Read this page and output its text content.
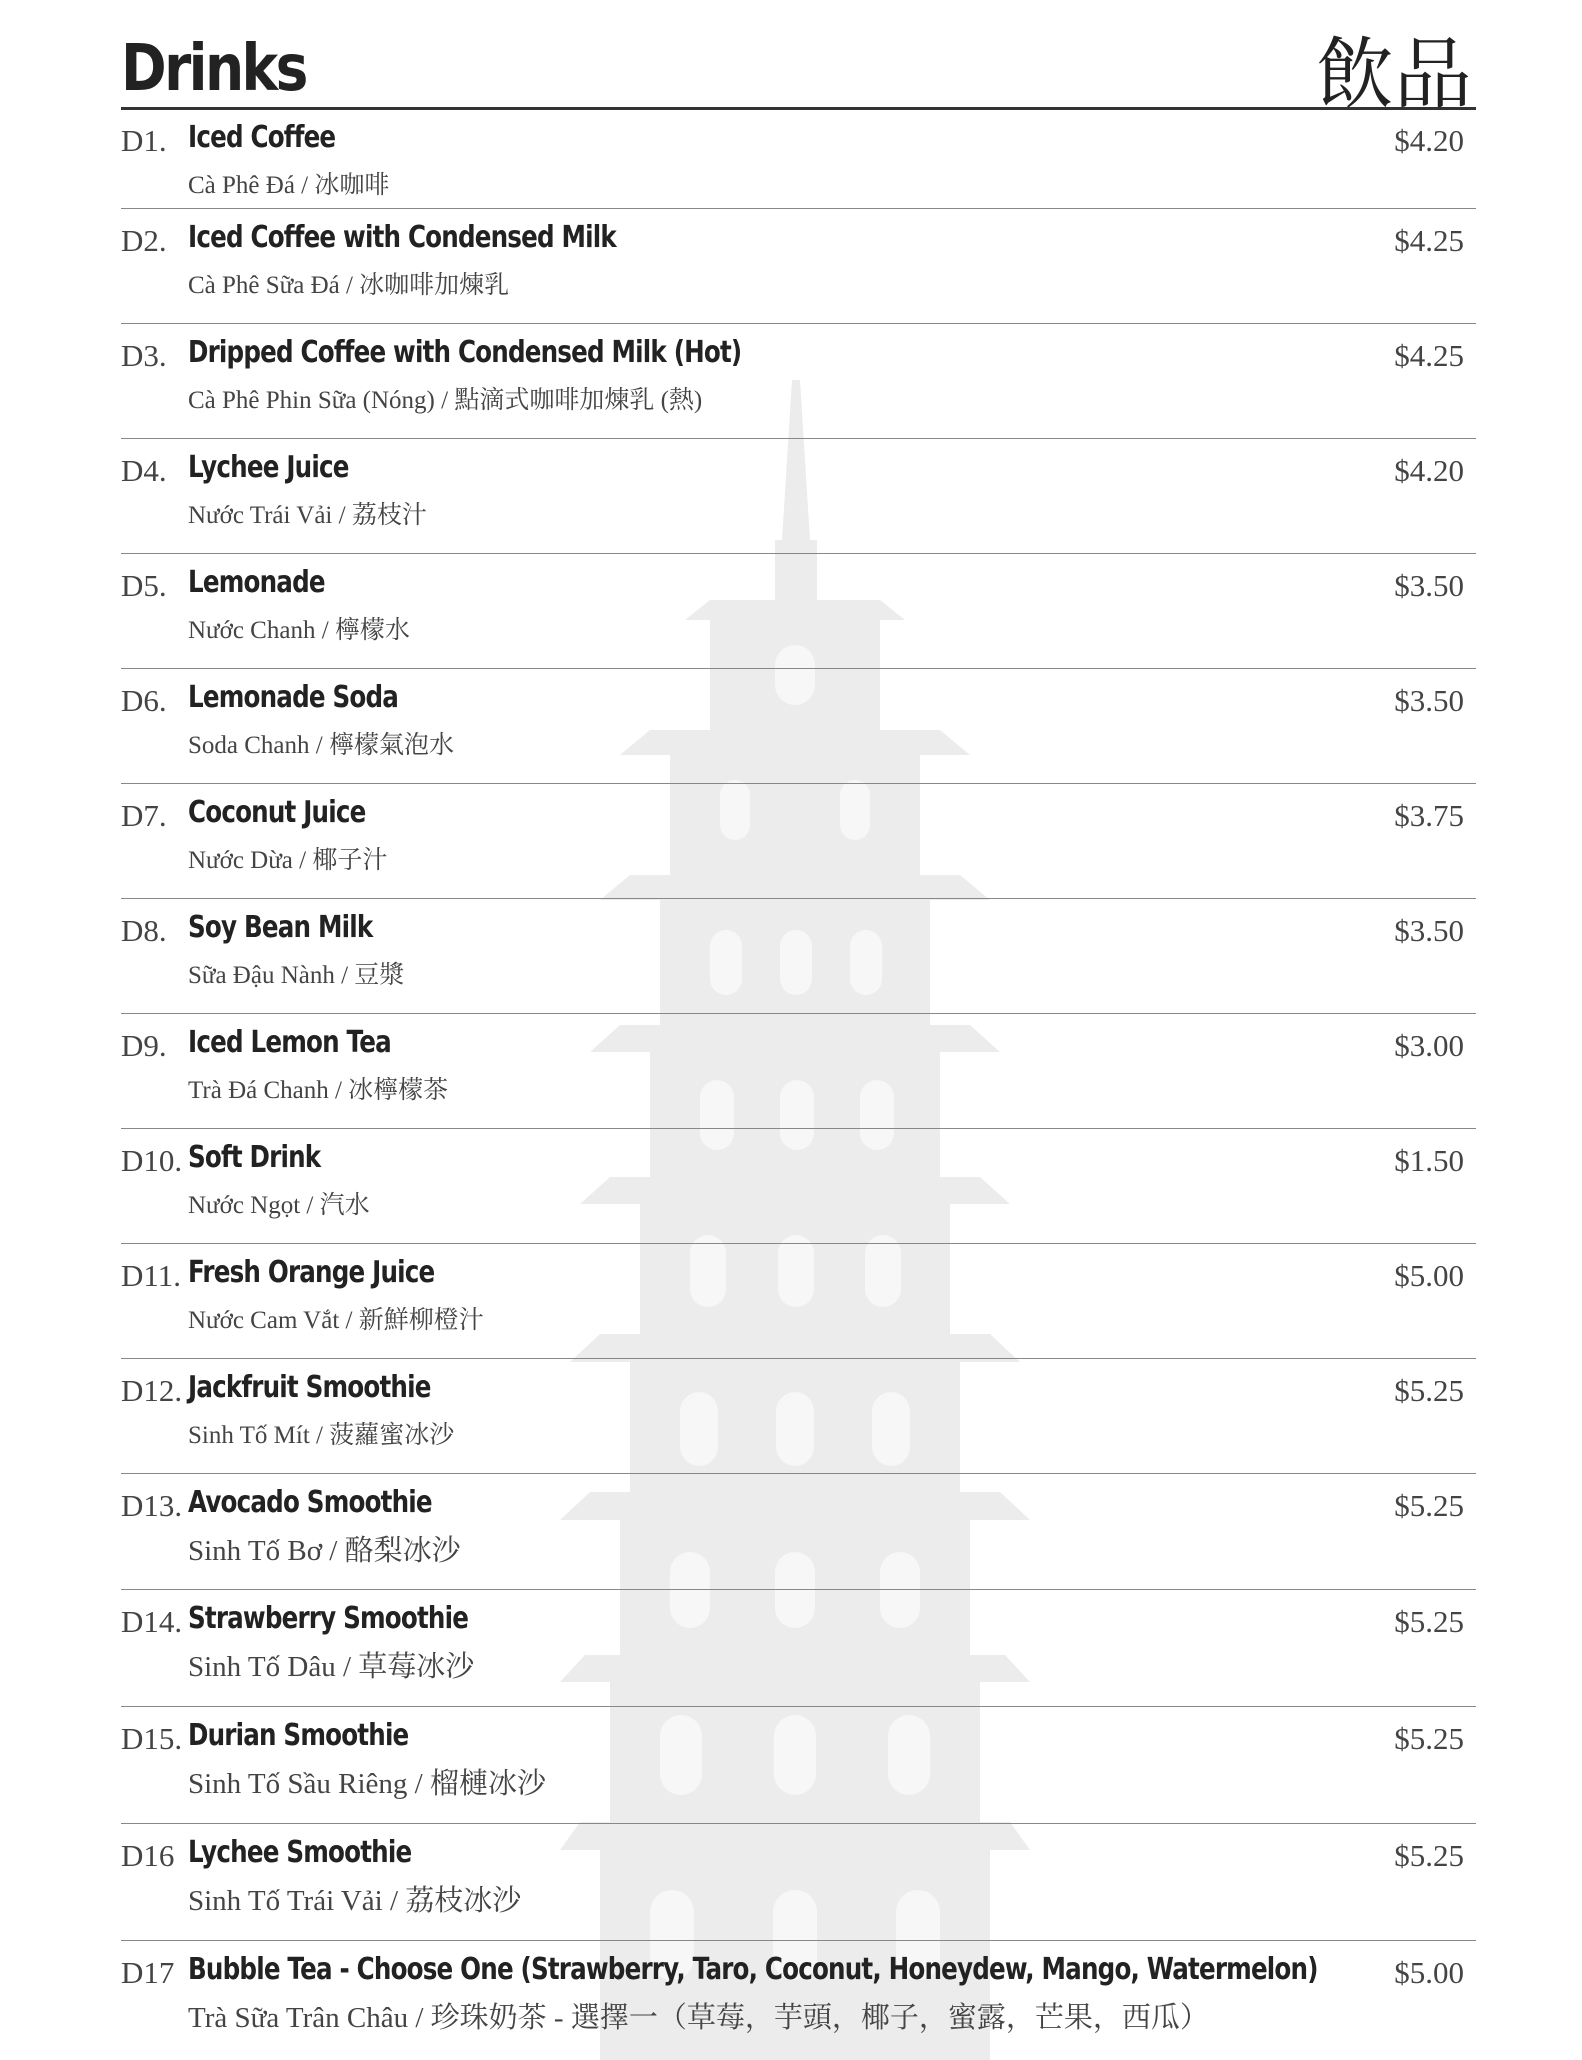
Drinks	飲品
D1. Iced Coffee
Cà Phê Đá / 冰咖啡
$4.20
D2. Iced Coffee with Condensed Milk
Cà Phê Sữa Đá / 冰咖啡加煉乳
$4.25
D3. Dripped Coffee with Condensed Milk (Hot)
Cà Phê Phin Sữa (Nóng) / 點滴式咖啡加煉乳 (熱)
$4.25
D4. Lychee Juice
Nước Trái Vải / 荔枝汁
$4.20
D5. Lemonade
Nước Chanh / 檸檬水
$3.50
D6. Lemonade Soda
Soda Chanh / 檸檬氣泡水
$3.50
D7. Coconut Juice
Nước Dừa / 椰子汁
$3.75
D8. Soy Bean Milk
Sữa Đậu Nành / 豆漿
$3.50
D9. Iced Lemon Tea
Trà Đá Chanh / 冰檸檬茶
$3.00
D10. Soft Drink
Nước Ngọt / 汽水
$1.50
D11. Fresh Orange Juice
Nước Cam Vắt / 新鮮柳橙汁
$5.00
D12. Jackfruit Smoothie
Sinh Tố Mít / 菠蘿蜜冰沙
$5.25
D13. Avocado Smoothie
Sinh Tố Bơ / 酪梨冰沙
$5.25
D14. Strawberry Smoothie
Sinh Tố Dâu / 草莓冰沙
$5.25
D15. Durian Smoothie
Sinh Tố Sầu Riêng / 榴槤冰沙
$5.25
D16 Lychee Smoothie
Sinh Tố Trái Vải / 荔枝冰沙
$5.25
D17 Bubble Tea - Choose One (Strawberry, Taro, Coconut, Honeydew, Mango, Watermelon)
Trà Sữa Trân Châu / 珍珠奶茶 - 選擇一（草莓，芋頭，椰子，蜜露，芒果，西瓜）
$5.00
